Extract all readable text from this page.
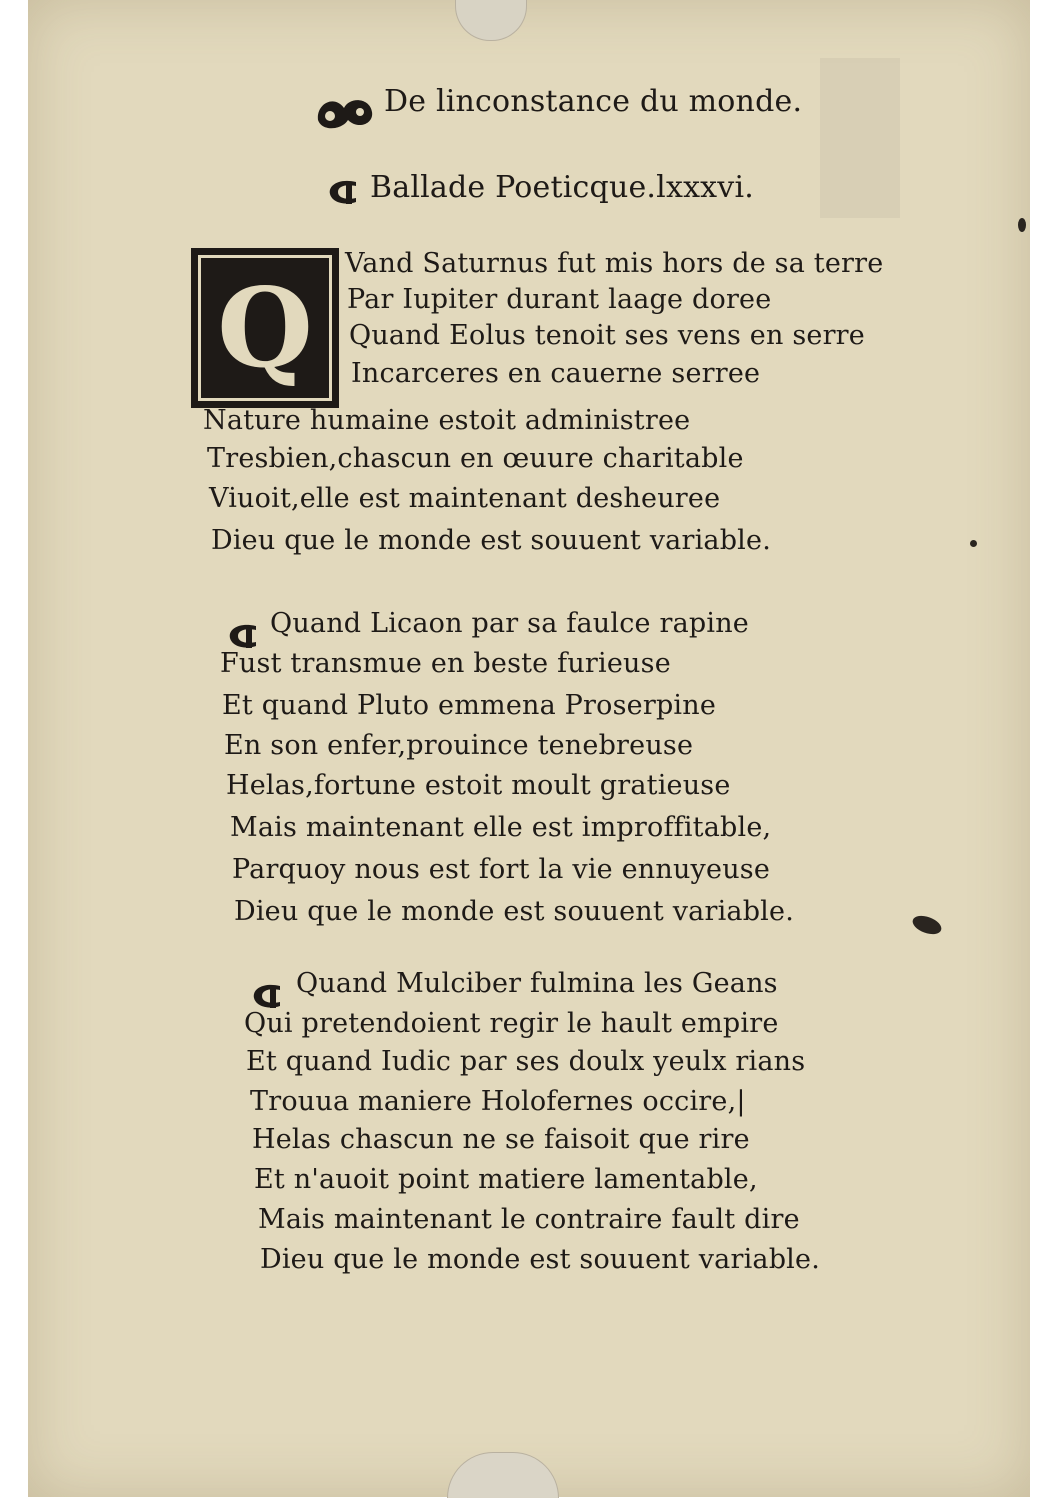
De linconstance du monde.
Ballade Poeticque.lxxxvi.
Q	Vand Saturnus fut mis hors de sa terre
Par Iupiter durant laage doree
Quand Eolus tenoit ses vens en serre
Incarceres en cauerne serree
Nature humaine estoit administree
Tresbien,chascun en œuure charitable
Viuoit,elle est maintenant desheuree
Dieu que le monde est souuent variable.
Quand Licaon par sa faulce rapine
Fust transmue en beste furieuse
Et quand Pluto emmena Proserpine
En son enfer,prouince tenebreuse
Helas,fortune estoit moult gratieuse
Mais maintenant elle est improffitable,
Parquoy nous est fort la vie ennuyeuse
Dieu que le monde est souuent variable.
Quand Mulciber fulmina les Geans
Qui pretendoient regir le hault empire
Et quand Iudic par ses doulx yeulx rians
Trouua maniere Holofernes occire,|
Helas chascun ne se faisoit que rire
Et n'auoit point matiere lamentable,
Mais maintenant le contraire fault dire
Dieu que le monde est souuent variable.
